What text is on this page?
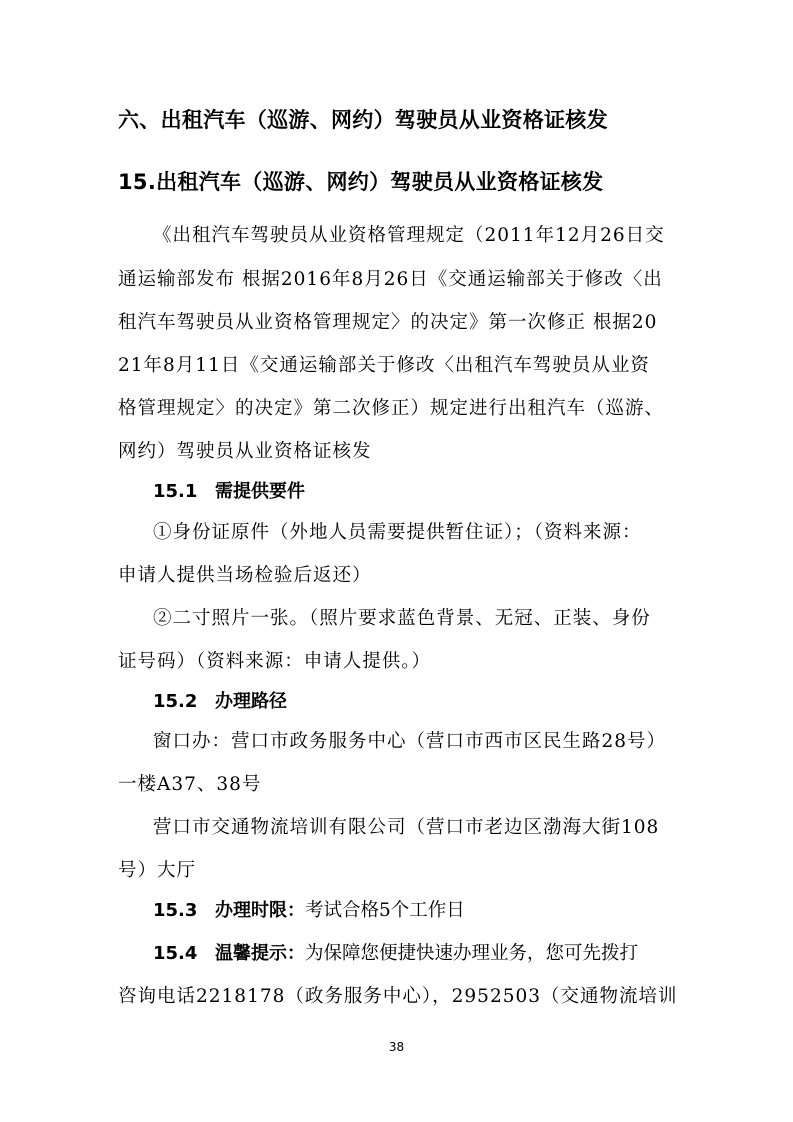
六、出租汽车（巡游、网约）驾驶员从业资格证核发
15.出租汽车（巡游、网约）驾驶员从业资格证核发
《出租汽车驾驶员从业资格管理规定（2011年12月26日交
通运输部发布 根据2016年8月26日《交通运输部关于修改〈出
租汽车驾驶员从业资格管理规定〉的决定》第一次修正 根据20
21年8月11日《交通运输部关于修改〈出租汽车驾驶员从业资
格管理规定〉的决定》第二次修正）规定进行出租汽车（巡游、
网约）驾驶员从业资格证核发
15.1 需提供要件
①身份证原件（外地人员需要提供暂住证）；（资料来源：
申请人提供当场检验后返还）
②二寸照片一张。（照片要求蓝色背景、无冠、正装、身份
证号码）（资料来源：申请人提供。）
15.2 办理路径
窗口办：营口市政务服务中心（营口市西市区民生路28号）
一楼A37、38号
营口市交通物流培训有限公司（营口市老边区渤海大街108
号）大厅
15.3 办理时限：考试合格5个工作日
15.4 温馨提示：为保障您便捷快速办理业务，您可先拨打
咨询电话2218178（政务服务中心），2952503（交通物流培训
38
